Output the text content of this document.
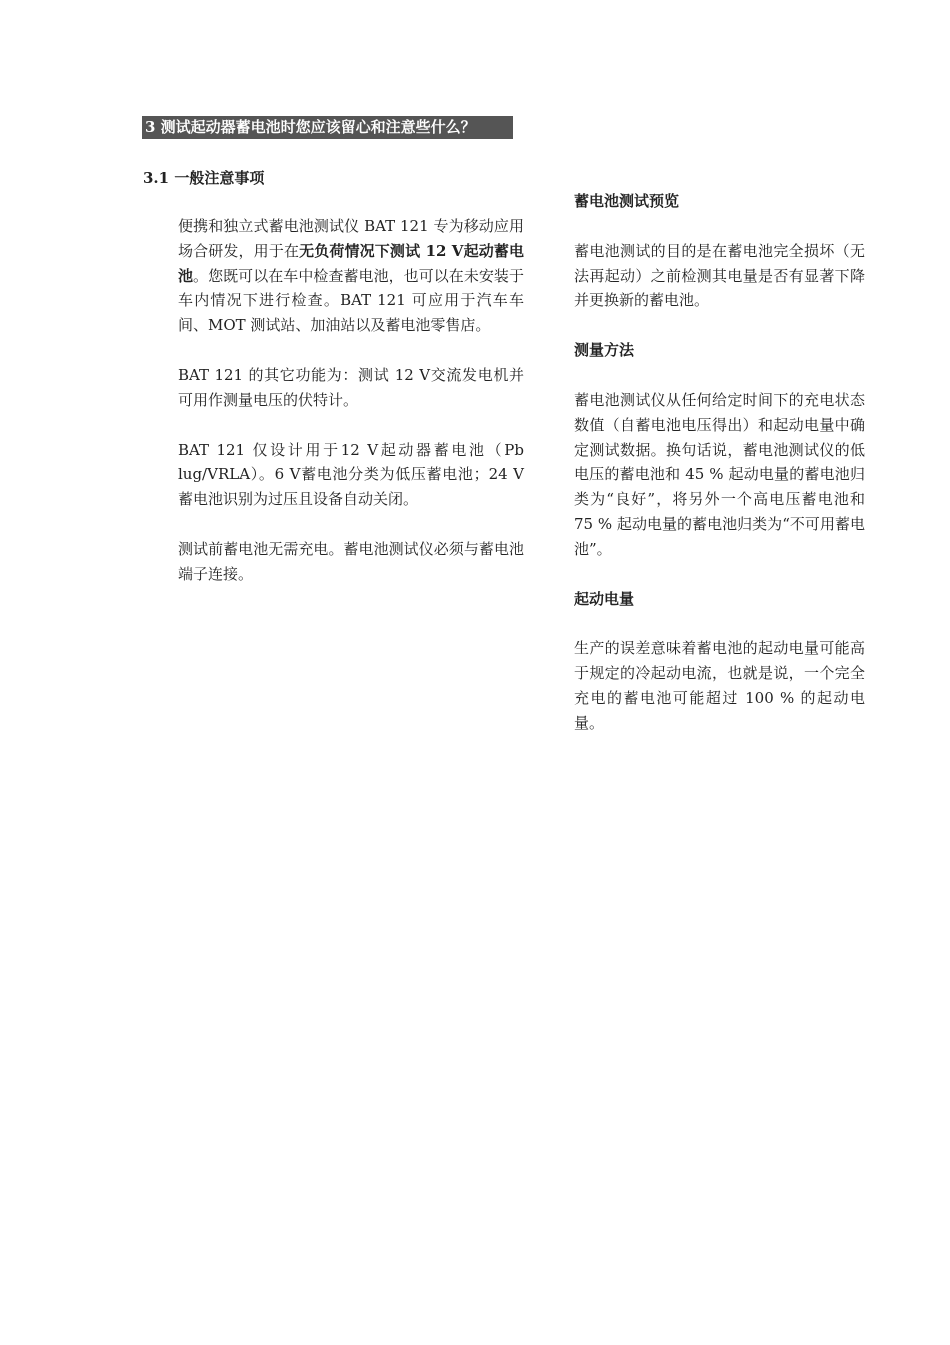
3 测试起动器蓄电池时您应该留心和注意些什么？
3.1 一般注意事项

便携和独立式蓄电池测试仪 BAT 121 专为移动应用场合研发，用于在无负荷情况下测试 12 V起动蓄电池。您既可以在车中检查蓄电池，也可以在未安装于车内情况下进行检查。BAT 121 可应用于汽车车间、MOT 测试站、加油站以及蓄电池零售店。

BAT 121 的其它功能为：测试 12 V交流发电机并可用作测量电压的伏特计。

BAT 121 仅设计用于12 V起动器蓄电池（Pb lug/VRLA）。6 V蓄电池分类为低压蓄电池；24 V蓄电池识别为过压且设备自动关闭。

测试前蓄电池无需充电。蓄电池测试仪必须与蓄电池端子连接。

蓄电池测试预览

蓄电池测试的目的是在蓄电池完全损坏（无法再起动）之前检测其电量是否有显著下降并更换新的蓄电池。

测量方法

蓄电池测试仪从任何给定时间下的充电状态数值（自蓄电池电压得出）和起动电量中确定测试数据。换句话说，蓄电池测试仪的低电压的蓄电池和 45 % 起动电量的蓄电池归类为“良好”，将另外一个高电压蓄电池和 75 % 起动电量的蓄电池归类为“不可用蓄电池”。

起动电量

生产的误差意味着蓄电池的起动电量可能高于规定的冷起动电流，也就是说，一个完全充电的蓄电池可能超过 100 % 的起动电量。
